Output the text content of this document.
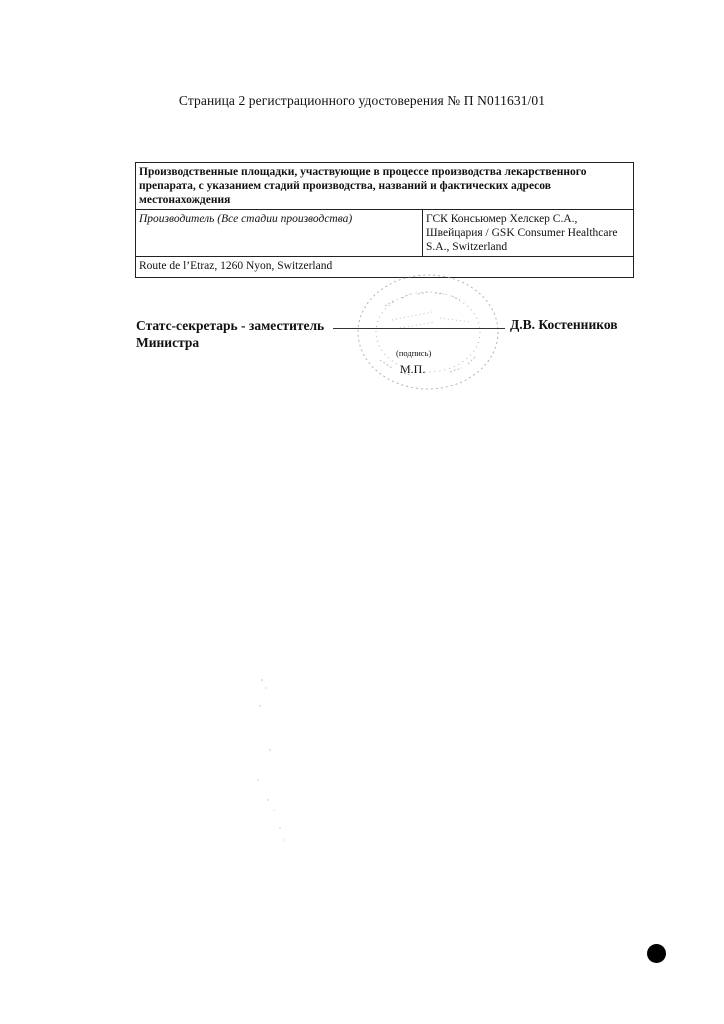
Страница 2 регистрационного удостоверения № П N011631/01
Производственные площадки, участвующие в процессе производства лекарственного препарата, с указанием стадий производства, названий и фактических адресов местонахождения
Производитель (Все стадии производства)	ГСК Консьюмер Хелскер С.А.,
Швейцария / GSK Consumer Healthcare
S.A., Switzerland

Route de l’Etraz, 1260 Nyon, Switzerland
Статс-секретарь - заместитель
Министра
Д.В. Костенников
(подпись)
М.П.
